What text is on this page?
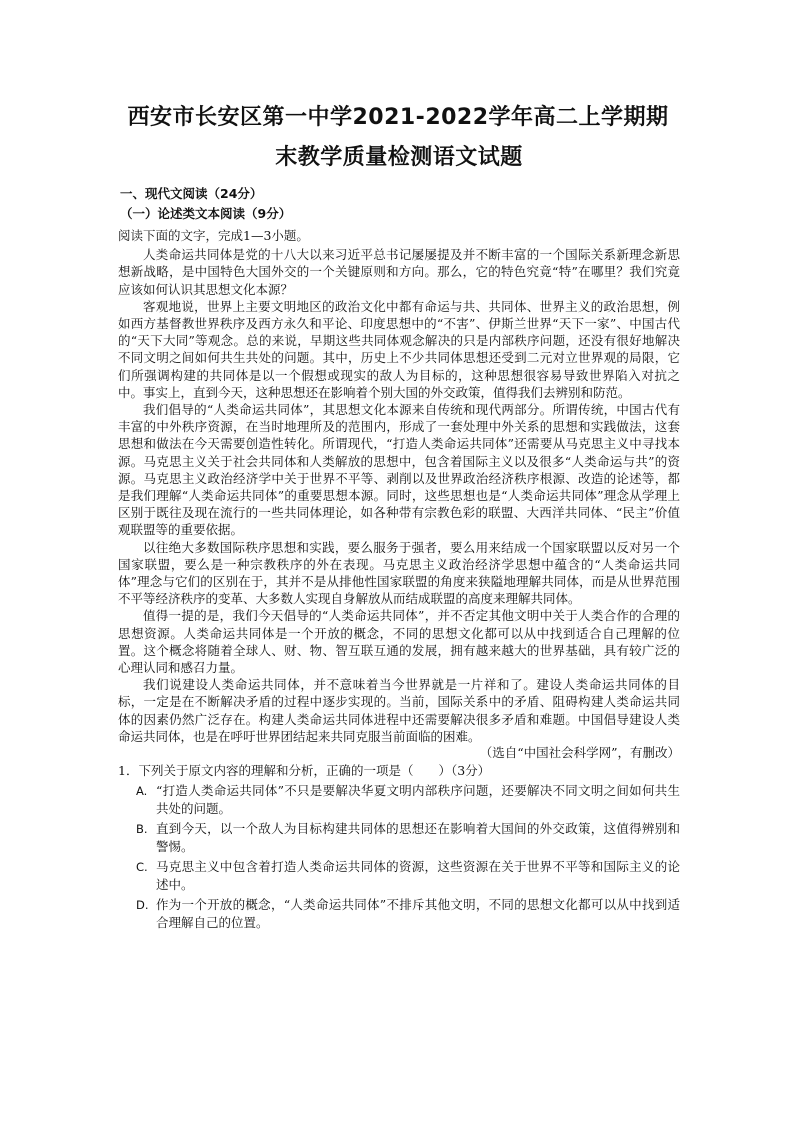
西安市长安区第一中学2021-2022学年高二上学期期
末教学质量检测语文试题
一、现代文阅读（24分）
（一）论述类文本阅读（9分）

阅读下面的文字，完成1—3小题。

人类命运共同体是党的十八大以来习近平总书记屡屡提及并不断丰富的一个国际关系新理念新思想新战略，是中国特色大国外交的一个关键原则和方向。那么，它的特色究竟“特”在哪里？我们究竟应该如何认识其思想文化本源？

客观地说，世界上主要文明地区的政治文化中都有命运与共、共同体、世界主义的政治思想，例如西方基督教世界秩序及西方永久和平论、印度思想中的“不害”、伊斯兰世界“天下一家”、中国古代的“天下大同”等观念。总的来说，早期这些共同体观念解决的只是内部秩序问题，还没有很好地解决不同文明之间如何共生共处的问题。其中，历史上不少共同体思想还受到二元对立世界观的局限，它们所强调构建的共同体是以一个假想或现实的敌人为目标的，这种思想很容易导致世界陷入对抗之中。事实上，直到今天，这种思想还在影响着个别大国的外交政策，值得我们去辨别和防范。

我们倡导的“人类命运共同体”，其思想文化本源来自传统和现代两部分。所谓传统，中国古代有丰富的中外秩序资源，在当时地理所及的范围内，形成了一套处理中外关系的思想和实践做法，这套思想和做法在今天需要创造性转化。所谓现代，“打造人类命运共同体”还需要从马克思主义中寻找本源。马克思主义关于社会共同体和人类解放的思想中，包含着国际主义以及很多“人类命运与共”的资源。马克思主义政治经济学中关于世界不平等、剥削以及世界政治经济秩序根源、改造的论述等，都是我们理解“人类命运共同体”的重要思想本源。同时，这些思想也是“人类命运共同体”理念从学理上区别于既往及现在流行的一些共同体理论，如各种带有宗教色彩的联盟、大西洋共同体、“民主”价值观联盟等的重要依据。

以往绝大多数国际秩序思想和实践，要么服务于强者，要么用来结成一个国家联盟以反对另一个国家联盟，要么是一种宗教秩序的外在表现。马克思主义政治经济学思想中蕴含的“人类命运共同体”理念与它们的区别在于，其并不是从排他性国家联盟的角度来狭隘地理解共同体，而是从世界范围不平等经济秩序的变革、大多数人实现自身解放从而结成联盟的高度来理解共同体。

值得一提的是，我们今天倡导的“人类命运共同体”，并不否定其他文明中关于人类合作的合理的思想资源。人类命运共同体是一个开放的概念，不同的思想文化都可以从中找到适合自己理解的位置。这个概念将随着全球人、财、物、智互联互通的发展，拥有越来越大的世界基础，具有较广泛的心理认同和感召力量。

我们说建设人类命运共同体，并不意味着当今世界就是一片祥和了。建设人类命运共同体的目标，一定是在不断解决矛盾的过程中逐步实现的。当前，国际关系中的矛盾、阻碍构建人类命运共同体的因素仍然广泛存在。构建人类命运共同体进程中还需要解决很多矛盾和难题。中国倡导建设人类命运共同体，也是在呼吁世界团结起来共同克服当前面临的困难。

（选自“中国社会科学网”，有删改）
1．下列关于原文内容的理解和分析，正确的一项是（　　）（3分）
A. “打造人类命运共同体”不只是要解决华夏文明内部秩序问题，还要解决不同文明之间如何共生共处的问题。
B. 直到今天，以一个敌人为目标构建共同体的思想还在影响着大国间的外交政策，这值得辨别和警惕。
C. 马克思主义中包含着打造人类命运共同体的资源，这些资源在关于世界不平等和国际主义的论述中。
D. 作为一个开放的概念，“人类命运共同体”不排斥其他文明，不同的思想文化都可以从中找到适合理解自己的位置。
